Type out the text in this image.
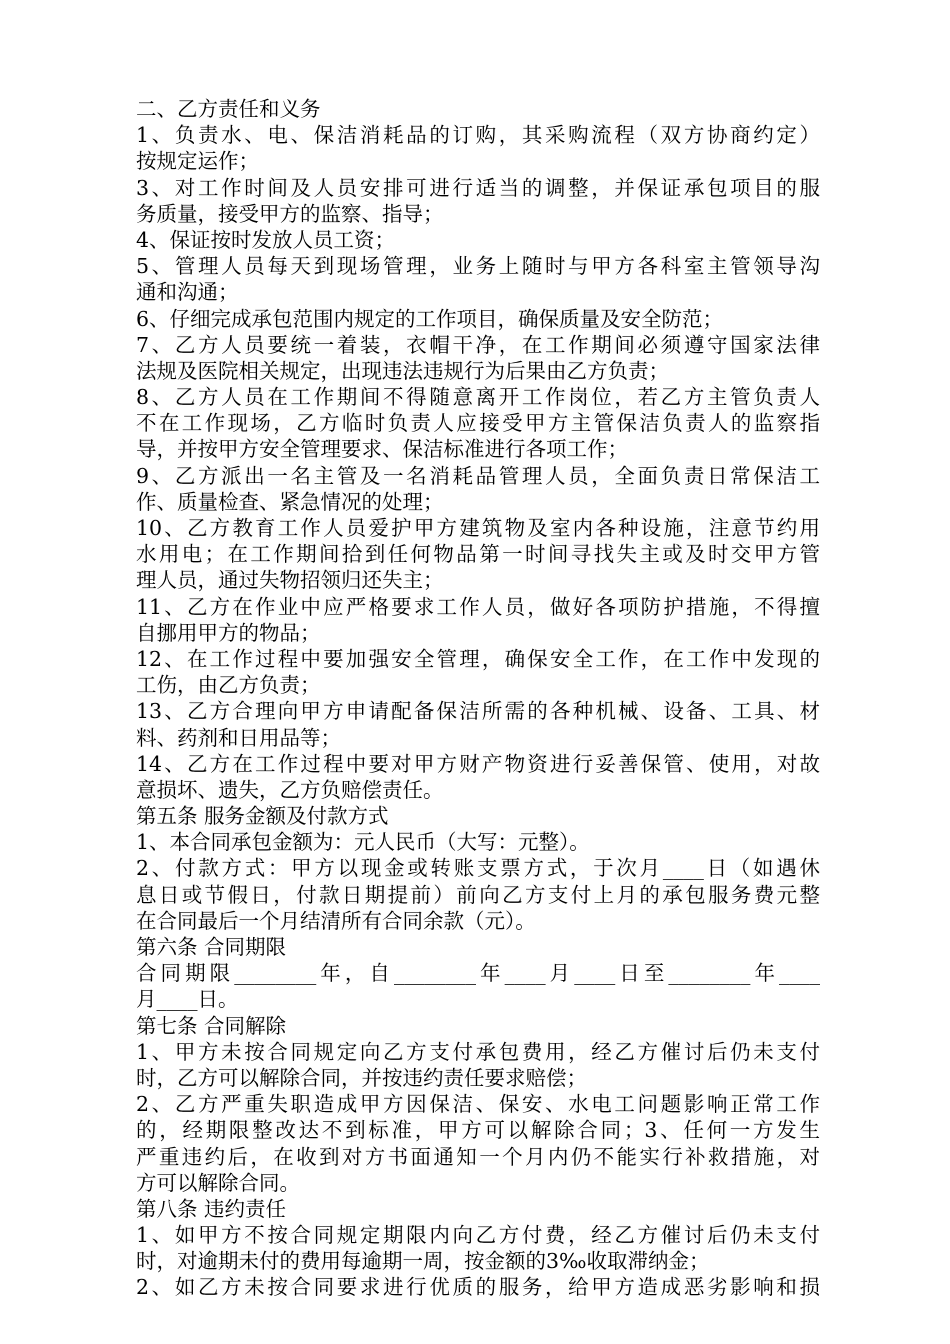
二、乙方责任和义务
1、负责水、电、保洁消耗品的订购，其采购流程（双方协商约定）
按规定运作；
3、对工作时间及人员安排可进行适当的调整，并保证承包项目的服
务质量，接受甲方的监察、指导；
4、保证按时发放人员工资；
5、管理人员每天到现场管理，业务上随时与甲方各科室主管领导沟
通和沟通；
6、仔细完成承包范围内规定的工作项目，确保质量及安全防范；
7、乙方人员要统一着装，衣帽干净，在工作期间必须遵守国家法律
法规及医院相关规定，出现违法违规行为后果由乙方负责；
8、乙方人员在工作期间不得随意离开工作岗位，若乙方主管负责人
不在工作现场，乙方临时负责人应接受甲方主管保洁负责人的监察指
导，并按甲方安全管理要求、保洁标准进行各项工作；
9、乙方派出一名主管及一名消耗品管理人员，全面负责日常保洁工
作、质量检查、紧急情况的处理；
10、乙方教育工作人员爱护甲方建筑物及室内各种设施，注意节约用
水用电；在工作期间拾到任何物品第一时间寻找失主或及时交甲方管
理人员，通过失物招领归还失主；
11、乙方在作业中应严格要求工作人员，做好各项防护措施，不得擅
自挪用甲方的物品；
12、在工作过程中要加强安全管理，确保安全工作，在工作中发现的
工伤，由乙方负责；
13、乙方合理向甲方申请配备保洁所需的各种机械、设备、工具、材
料、药剂和日用品等；
14、乙方在工作过程中要对甲方财产物资进行妥善保管、使用，对故
意损坏、遗失，乙方负赔偿责任。
第五条 服务金额及付款方式
1、本合同承包金额为：元人民币（大写：元整）。
2、付款方式：甲方以现金或转账支票方式，于次月____日（如遇休
息日或节假日，付款日期提前）前向乙方支付上月的承包服务费元整
在合同最后一个月结清所有合同余款（元）。
第六条 合同期限
合同期限________年，自________年____月____日至________年____
月____日。
第七条 合同解除
1、甲方未按合同规定向乙方支付承包费用，经乙方催讨后仍未支付
时，乙方可以解除合同，并按违约责任要求赔偿；
2、乙方严重失职造成甲方因保洁、保安、水电工问题影响正常工作
的，经期限整改达不到标准，甲方可以解除合同；3、任何一方发生
严重违约后，在收到对方书面通知一个月内仍不能实行补救措施，对
方可以解除合同。
第八条 违约责任
1、如甲方不按合同规定期限内向乙方付费，经乙方催讨后仍未支付
时，对逾期未付的费用每逾期一周，按金额的3‰收取滞纳金；
2、如乙方未按合同要求进行优质的服务，给甲方造成恶劣影响和损
